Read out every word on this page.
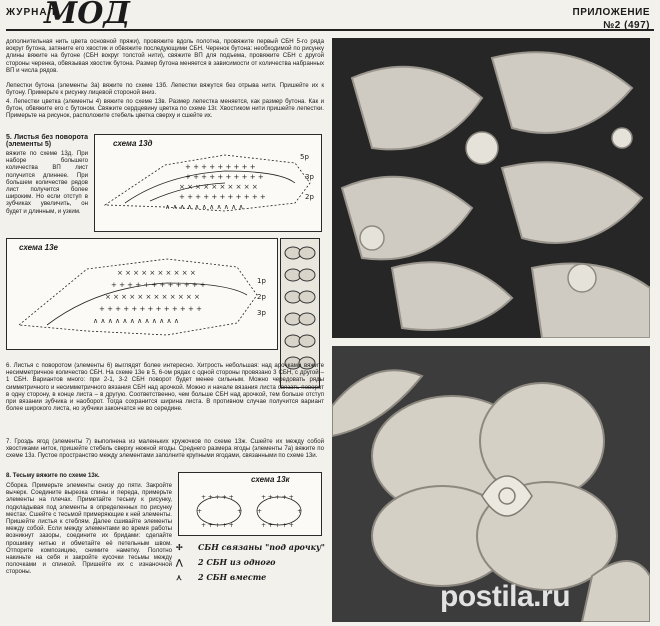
ЖУРНАЛ
МОД	ПРИЛОЖЕНИЕ
№2 (497)

дополнительная нить цвета основной пряжи), провяжите вдоль полотна, провяжите первый СБН 5-го ряда вокруг бутона, затяните его хвостик и обвяжите последующими СБН. Черенок бутона: необходимой по рисунку длины вяжите на бутоне (СБН вокруг толстой нити), свяжите ВП для подъема, провяжите СБН с другой стороны черенка, обвязывая хвостик бутона. Размер бутона меняется в зависимости от количества набранных ВП и числа рядов.

Лепестки бутона (элементы 3а) вяжите по схеме 13б. Лепестки вяжутся без отрыва нити. Пришейте их к бутону. Примерьте к рисунку лицевой стороной вниз.

4. Лепестки цветка (элементы 4) вяжите по схеме 13в. Размер лепестка меняется, как размер бутона. Как и бутон, обвяжите его с бутоном. Свяжите сердцевину цветка по схеме 13г. Хвостиком нити пришейте лепестки. Примерьте на рисунок, расположите стебель цветка сверху и сшейте их.

5. Листья без поворота (элементы 5)

вяжите по схеме 13д. При наборе большего количества ВП лист получится длиннее. При большем количестве рядов лист получится более широким. Но если отступ в зубчиках увеличить, он будет и длинным, и узким.

схема 13д
+ + + + + + + + +
+ + + + + + + + + +
× × × × × × × × × ×
+ + + + + + + + + + +
∧ ∧ ∧ ∧ ∧ ∧ ∧ ∧ ∧ ∧ ∧
5p
3p
2p
схема 13е
× × × × × × × × × ×
+ + + + + + + + + + + +
× × × × × × × × × × × ×
+ + + + + + + + + + + + +
∧ ∧ ∧ ∧ ∧ ∧ ∧ ∧ ∧ ∧ ∧ ∧
1p
2p
3p

6. Листья с поворотом (элементы 6) выглядят более интересно. Хитрость небольшая: над арочками вяжите несимметричное количество СБН. На схеме 13е в 5, 6-ом рядах с одной стороны провязано 3 СБН, с другой – 1 СБН. Вариантов много: при 2-1, 3-2 СБН поворот будет менее сильным. Можно чередовать ряды симметричного и несимметричного вязания СБН над арочкой. Можно и начале вязания листа связать поворот в одну сторону, в конце листа – в другую. Соответственно, чем больше СБН над арочкой, тем больше отступ при вязании зубчика и наоборот. Тогда сохранится ширина листа. В противном случае получится вариант более широкого листа, но зубчики закончатся не во середине.

7. Гроздь ягод (элементы 7) выполнена из маленьких кружочков по схеме 13ж. Сшейте их между собой хвостиками ниток, пришейте стебель сверху нежной ягоды. Среднего размера ягоды (элементы 7а) вяжите по схеме 13з. Пустое пространство между элементами заполните крупными ягодами, связанными по схеме 13и.

8. Тесьму вяжите по схеме 13к.

Сборка. Примерьте элементы снизу до пяти. Закройте вычерк. Соедините вырезка спины и переда, примерьте элементы на плечах. Приметайте тесьму к рисунку, подкладывая под элементы в определенных по рисунку местах. Сшейте с тесьмой примеряющие к ней элементы. Пришейте листья к стеблям. Далее сшивайте элементы между собой. Если между элементами во время работы возникнут зазоры, соедините их бридами: сделайте прошивку нитью и обметайте её петельным швом. Отпорите композицию, снимите наметку. Полотно накиньте на себя и закройте кусочки тесьмы между полочками и спинкой. Пришейте их с изнаночной стороны.

схема 13к
+ + + + +	+ + + + +
+	+ +	+
+ + + + +	+ + + + +
✢ СБН связаны "под арочку"
⋀ 2 СБН из одного
⋏ 2 СБН вместе
postila.ru
